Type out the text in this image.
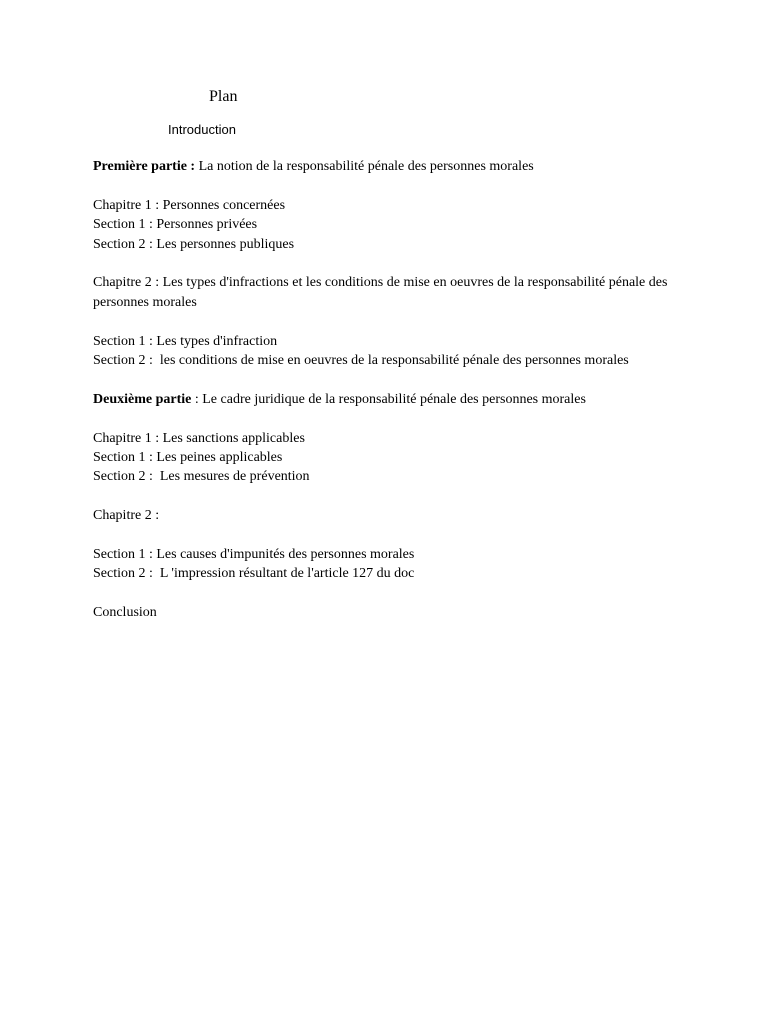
Plan
Introduction
Première partie : La notion de la responsabilité pénale des personnes morales
Chapitre 1 : Personnes concernées
Section 1 : Personnes privées
Section 2 : Les personnes publiques
Chapitre 2 : Les types d'infractions et les conditions de mise en oeuvres de la responsabilité pénale des personnes morales
Section 1 : Les types d'infraction
Section 2 :  les conditions de mise en oeuvres de la responsabilité pénale des personnes morales
Deuxième partie : Le cadre juridique de la responsabilité pénale des personnes morales
Chapitre 1 : Les sanctions applicables
Section 1 : Les peines applicables
Section 2 :  Les mesures de prévention
Chapitre 2 :
Section 1 : Les causes d'impunités des personnes morales
Section 2 :  L 'impression résultant de l'article 127 du doc
Conclusion
